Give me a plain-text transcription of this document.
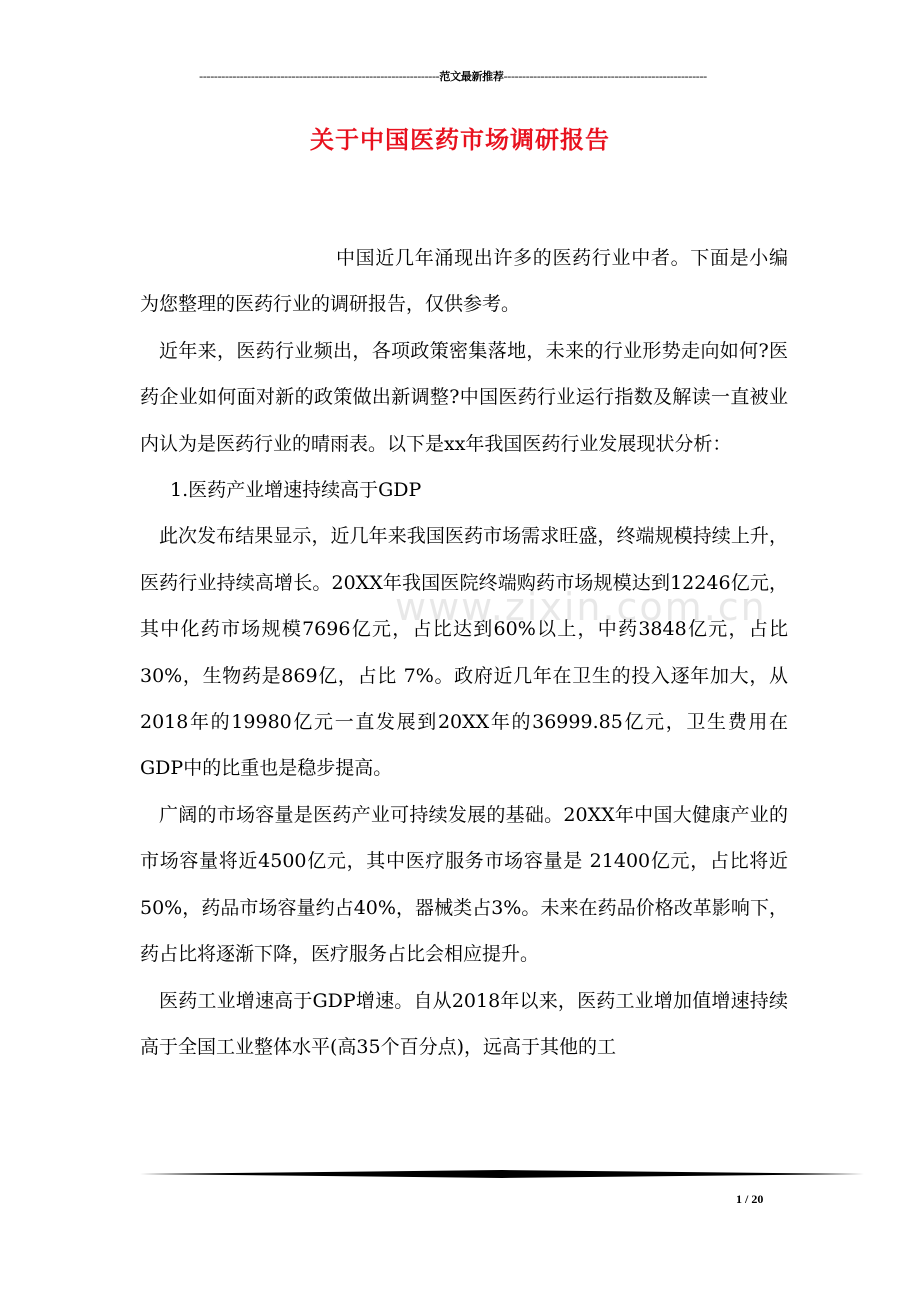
-----------------------------------------------------------------范文最新推荐-------------------------------------------------------
关于中国医药市场调研报告
www.zixin.com.cn

中国近几年涌现出许多的医药行业中者。下面是小编为您整理的医药行业的调研报告，仅供参考。

近年来，医药行业频出，各项政策密集落地，未来的行业形势走向如何?医药企业如何面对新的政策做出新调整?中国医药行业运行指数及解读一直被业内认为是医药行业的晴雨表。以下是xx年我国医药行业发展现状分析：

1.医药产业增速持续高于GDP

此次发布结果显示，近几年来我国医药市场需求旺盛，终端规模持续上升，医药行业持续高增长。20XX年我国医院终端购药市场规模达到12246亿元，其中化药市场规模7696亿元，占比达到60%以上，中药3848亿元，占比30%，生物药是869亿，占比 7%。政府近几年在卫生的投入逐年加大，从2018年的19980亿元一直发展到20XX年的36999.85亿元，卫生费用在GDP中的比重也是稳步提高。

广阔的市场容量是医药产业可持续发展的基础。20XX年中国大健康产业的市场容量将近4500亿元，其中医疗服务市场容量是 21400亿元，占比将近50%，药品市场容量约占40%，器械类占3%。未来在药品价格改革影响下，药占比将逐渐下降，医疗服务占比会相应提升。

医药工业增速高于GDP增速。自从2018年以来，医药工业增加值增速持续高于全国工业整体水平(高35个百分点)，远高于其他的工

1 / 20
